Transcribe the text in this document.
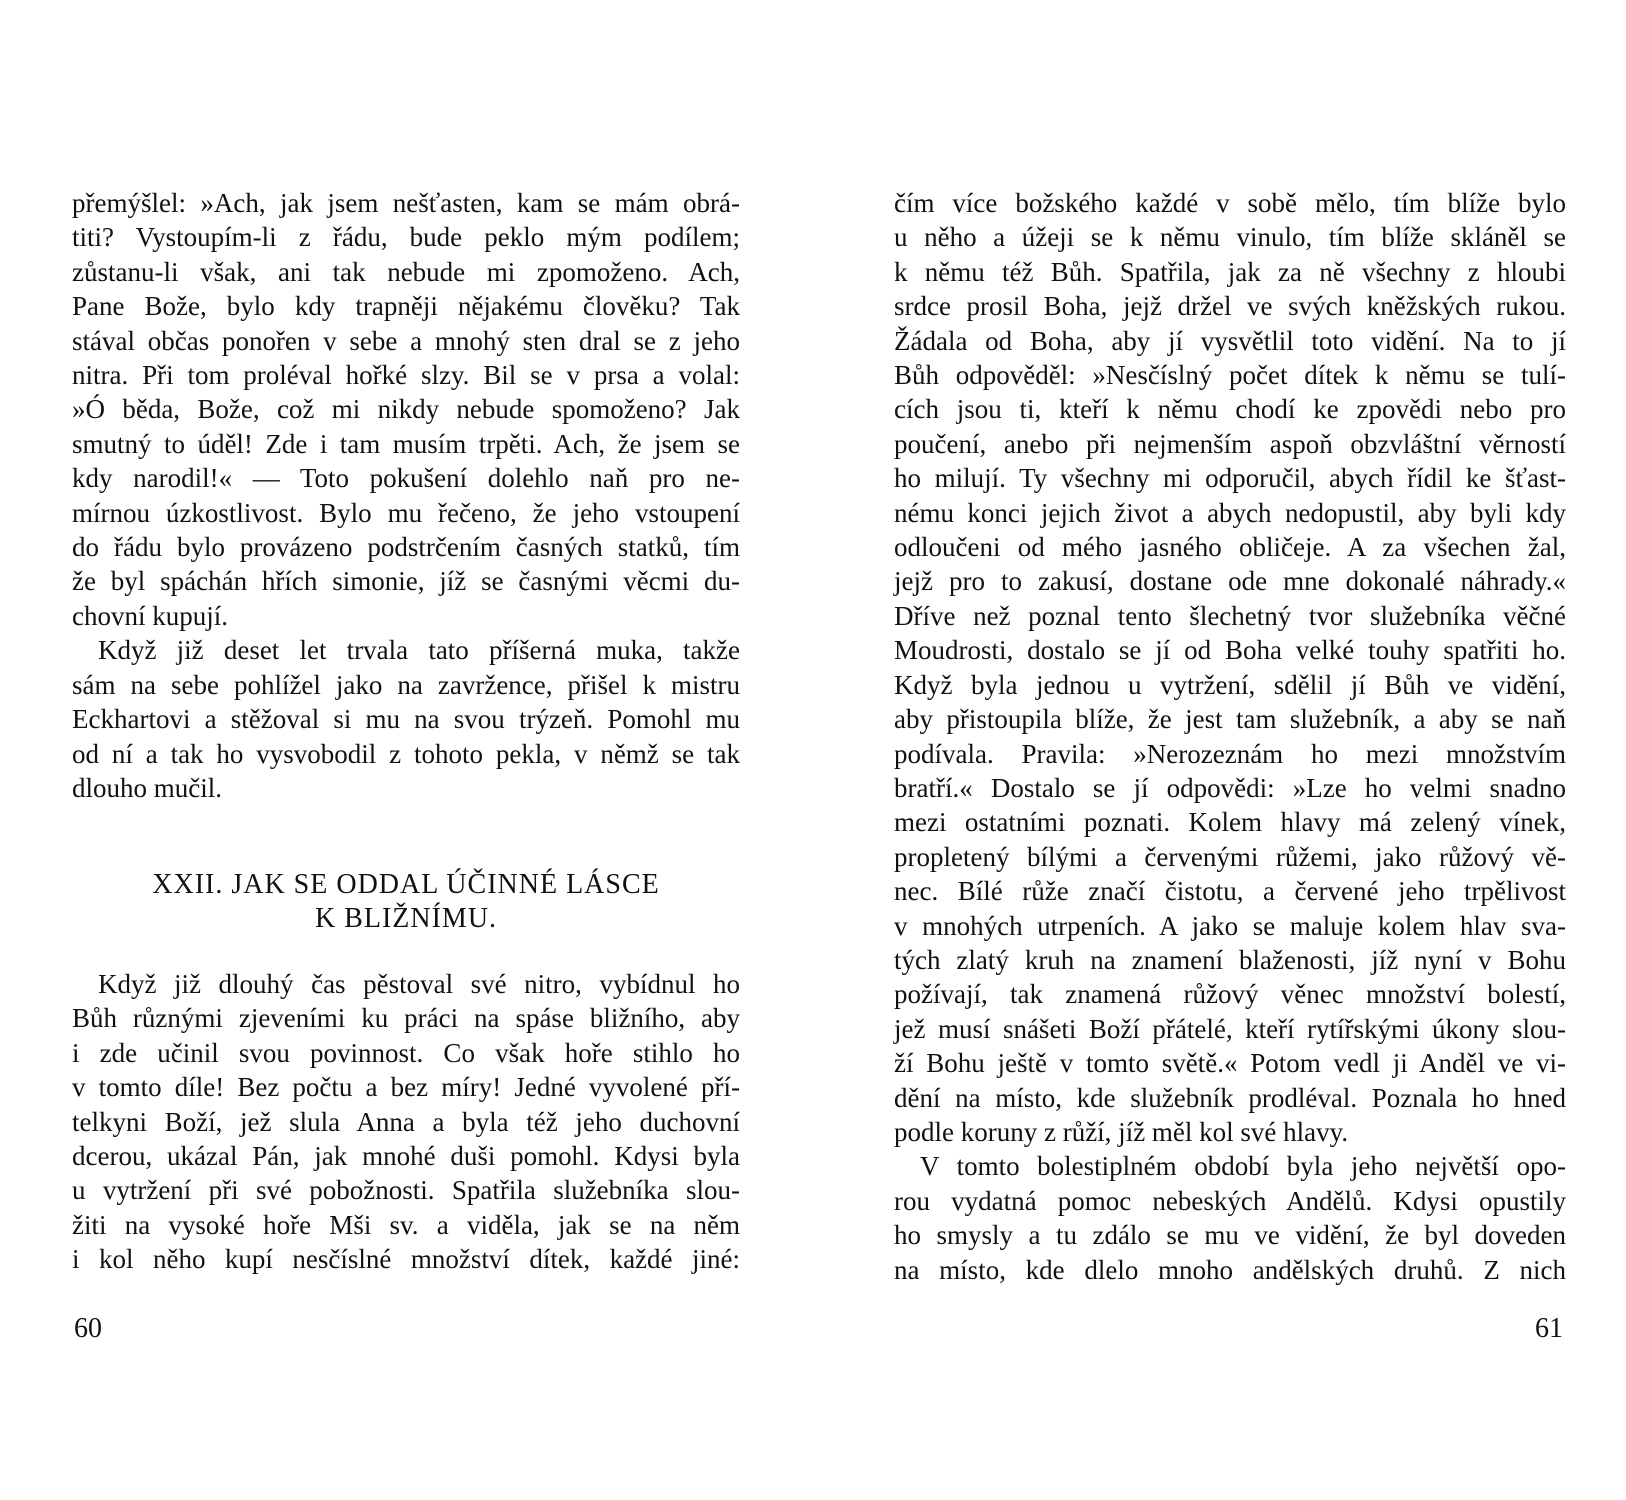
přemýšlel: »Ach, jak jsem nešťasten, kam se mám obrá-
titi? Vystoupím-li z řádu, bude peklo mým podílem;
zůstanu-li však, ani tak nebude mi zpomoženo. Ach,
Pane Bože, bylo kdy trapněji nějakému člověku? Tak
stával občas ponořen v sebe a mnohý sten dral se z jeho
nitra. Při tom proléval hořké slzy. Bil se v prsa a volal:
»Ó běda, Bože, což mi nikdy nebude spomoženo? Jak
smutný to úděl! Zde i tam musím trpěti. Ach, že jsem se
kdy narodil!« — Toto pokušení dolehlo naň pro ne-
mírnou úzkostlivost. Bylo mu řečeno, že jeho vstoupení
do řádu bylo provázeno podstrčením časných statků, tím
že byl spáchán hřích simonie, jíž se časnými věcmi du-
chovní kupují.
Když již deset let trvala tato příšerná muka, takže
sám na sebe pohlížel jako na zavržence, přišel k mistru
Eckhartovi a stěžoval si mu na svou trýzeň. Pomohl mu
od ní a tak ho vysvobodil z tohoto pekla, v němž se tak
dlouho mučil.
XXII. JAK SE ODDAL ÚČINNÉ LÁSCE
K BLIŽNÍMU.
Když již dlouhý čas pěstoval své nitro, vybídnul ho
Bůh různými zjeveními ku práci na spáse bližního, aby
i zde učinil svou povinnost. Co však hoře stihlo ho
v tomto díle! Bez počtu a bez míry! Jedné vyvolené pří-
telkyni Boží, jež slula Anna a byla též jeho duchovní
dcerou, ukázal Pán, jak mnohé duši pomohl. Kdysi byla
u vytržení při své pobožnosti. Spatřila služebníka slou-
žiti na vysoké hoře Mši sv. a viděla, jak se na něm
i kol něho kupí nesčíslné množství dítek, každé jiné:
60
čím více božského každé v sobě mělo, tím blíže bylo
u něho a úžeji se k němu vinulo, tím blíže skláněl se
k němu též Bůh. Spatřila, jak za ně všechny z hloubi
srdce prosil Boha, jejž držel ve svých kněžských rukou.
Žádala od Boha, aby jí vysvětlil toto vidění. Na to jí
Bůh odpověděl: »Nesčíslný počet dítek k němu se tulí-
cích jsou ti, kteří k němu chodí ke zpovědi nebo pro
poučení, anebo při nejmenším aspoň obzvláštní věrností
ho milují. Ty všechny mi odporučil, abych řídil ke šťast-
nému konci jejich život a abych nedopustil, aby byli kdy
odloučeni od mého jasného obličeje. A za všechen žal,
jejž pro to zakusí, dostane ode mne dokonalé náhrady.«
Dříve než poznal tento šlechetný tvor služebníka věčné
Moudrosti, dostalo se jí od Boha velké touhy spatřiti ho.
Když byla jednou u vytržení, sdělil jí Bůh ve vidění,
aby přistoupila blíže, že jest tam služebník, a aby se naň
podívala. Pravila: »Nerozeznám ho mezi množstvím
bratří.« Dostalo se jí odpovědi: »Lze ho velmi snadno
mezi ostatními poznati. Kolem hlavy má zelený vínek,
propletený bílými a červenými růžemi, jako růžový vě-
nec. Bílé růže značí čistotu, a červené jeho trpělivost
v mnohých utrpeních. A jako se maluje kolem hlav sva-
tých zlatý kruh na znamení blaženosti, jíž nyní v Bohu
požívají, tak znamená růžový věnec množství bolestí,
jež musí snášeti Boží přátelé, kteří rytířskými úkony slou-
ží Bohu ještě v tomto světě.« Potom vedl ji Anděl ve vi-
dění na místo, kde služebník prodléval. Poznala ho hned
podle koruny z růží, jíž měl kol své hlavy.
V tomto bolestiplném období byla jeho největší opo-
rou vydatná pomoc nebeských Andělů. Kdysi opustily
ho smysly a tu zdálo se mu ve vidění, že byl doveden
na místo, kde dlelo mnoho andělských druhů. Z nich
61
